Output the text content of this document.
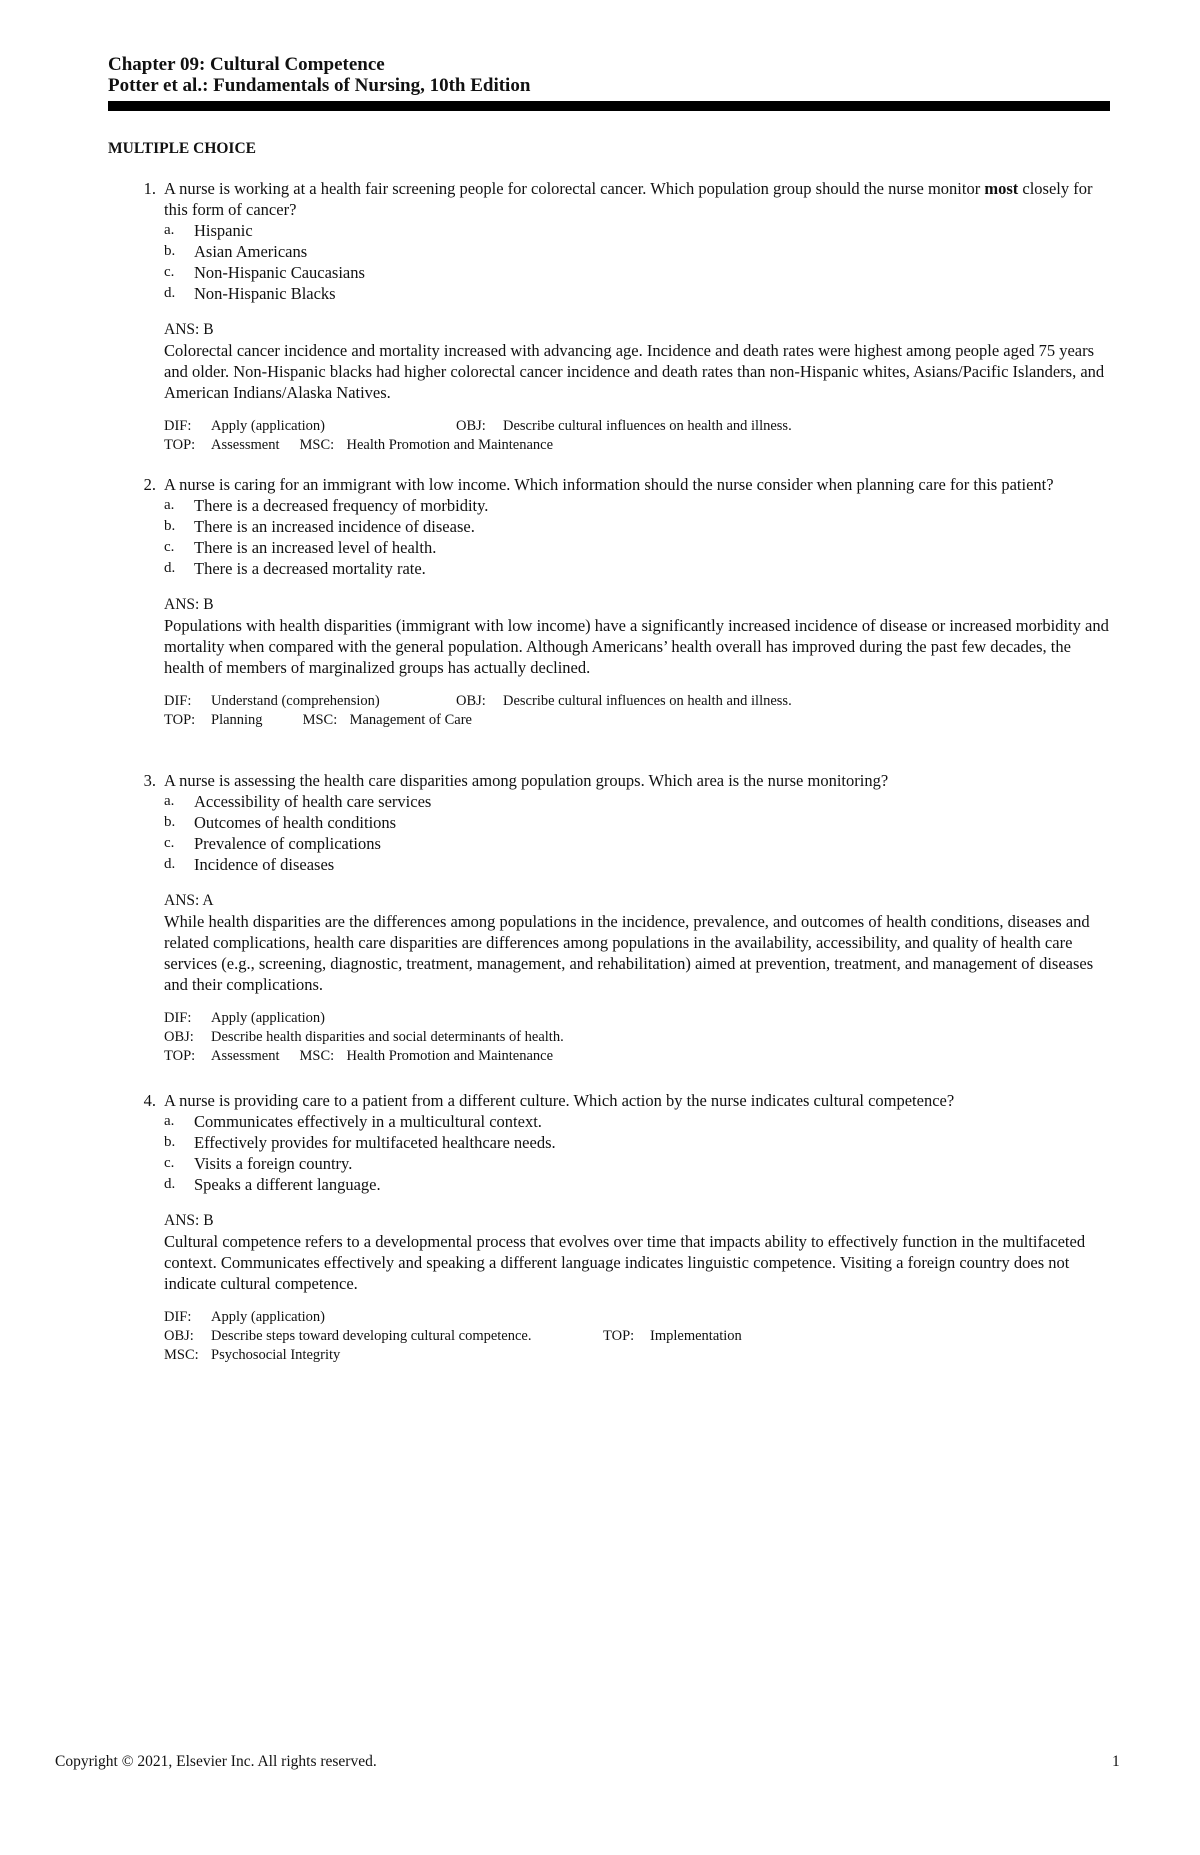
Chapter 09: Cultural Competence
Potter et al.: Fundamentals of Nursing, 10th Edition
MULTIPLE CHOICE
1. A nurse is working at a health fair screening people for colorectal cancer. Which population group should the nurse monitor most closely for this form of cancer?
a.	Hispanic
b.	Asian Americans
c.	Non-Hispanic Caucasians
d.	Non-Hispanic Blacks
ANS: B
Colorectal cancer incidence and mortality increased with advancing age. Incidence and death rates were highest among people aged 75 years and older. Non-Hispanic blacks had higher colorectal cancer incidence and death rates than non-Hispanic whites, Asians/Pacific Islanders, and American Indians/Alaska Natives.
DIF: Apply (application)	OBJ: Describe cultural influences on health and illness.
TOP: Assessment MSC: Health Promotion and Maintenance
2. A nurse is caring for an immigrant with low income. Which information should the nurse consider when planning care for this patient?
a.	There is a decreased frequency of morbidity.
b.	There is an increased incidence of disease.
c.	There is an increased level of health.
d.	There is a decreased mortality rate.
ANS: B
Populations with health disparities (immigrant with low income) have a significantly increased incidence of disease or increased morbidity and mortality when compared with the general population. Although Americans’ health overall has improved during the past few decades, the health of members of marginalized groups has actually declined.
DIF: Understand (comprehension)	OBJ: Describe cultural influences on health and illness.
TOP: Planning	MSC: Management of Care
3. A nurse is assessing the health care disparities among population groups. Which area is the nurse monitoring?
a.	Accessibility of health care services
b.	Outcomes of health conditions
c.	Prevalence of complications
d.	Incidence of diseases
ANS: A
While health disparities are the differences among populations in the incidence, prevalence, and outcomes of health conditions, diseases and related complications, health care disparities are differences among populations in the availability, accessibility, and quality of health care services (e.g., screening, diagnostic, treatment, management, and rehabilitation) aimed at prevention, treatment, and management of diseases and their complications.
DIF: Apply (application)
OBJ: Describe health disparities and social determinants of health.
TOP: Assessment MSC: Health Promotion and Maintenance
4. A nurse is providing care to a patient from a different culture. Which action by the nurse indicates cultural competence?
a.	Communicates effectively in a multicultural context.
b.	Effectively provides for multifaceted healthcare needs.
c.	Visits a foreign country.
d.	Speaks a different language.
ANS: B
Cultural competence refers to a developmental process that evolves over time that impacts ability to effectively function in the multifaceted context. Communicates effectively and speaking a different language indicates linguistic competence. Visiting a foreign country does not indicate cultural competence.
DIF: Apply (application)
OBJ: Describe steps toward developing cultural competence.	TOP: Implementation
MSC: Psychosocial Integrity
Copyright © 2021, Elsevier Inc. All rights reserved.	1
